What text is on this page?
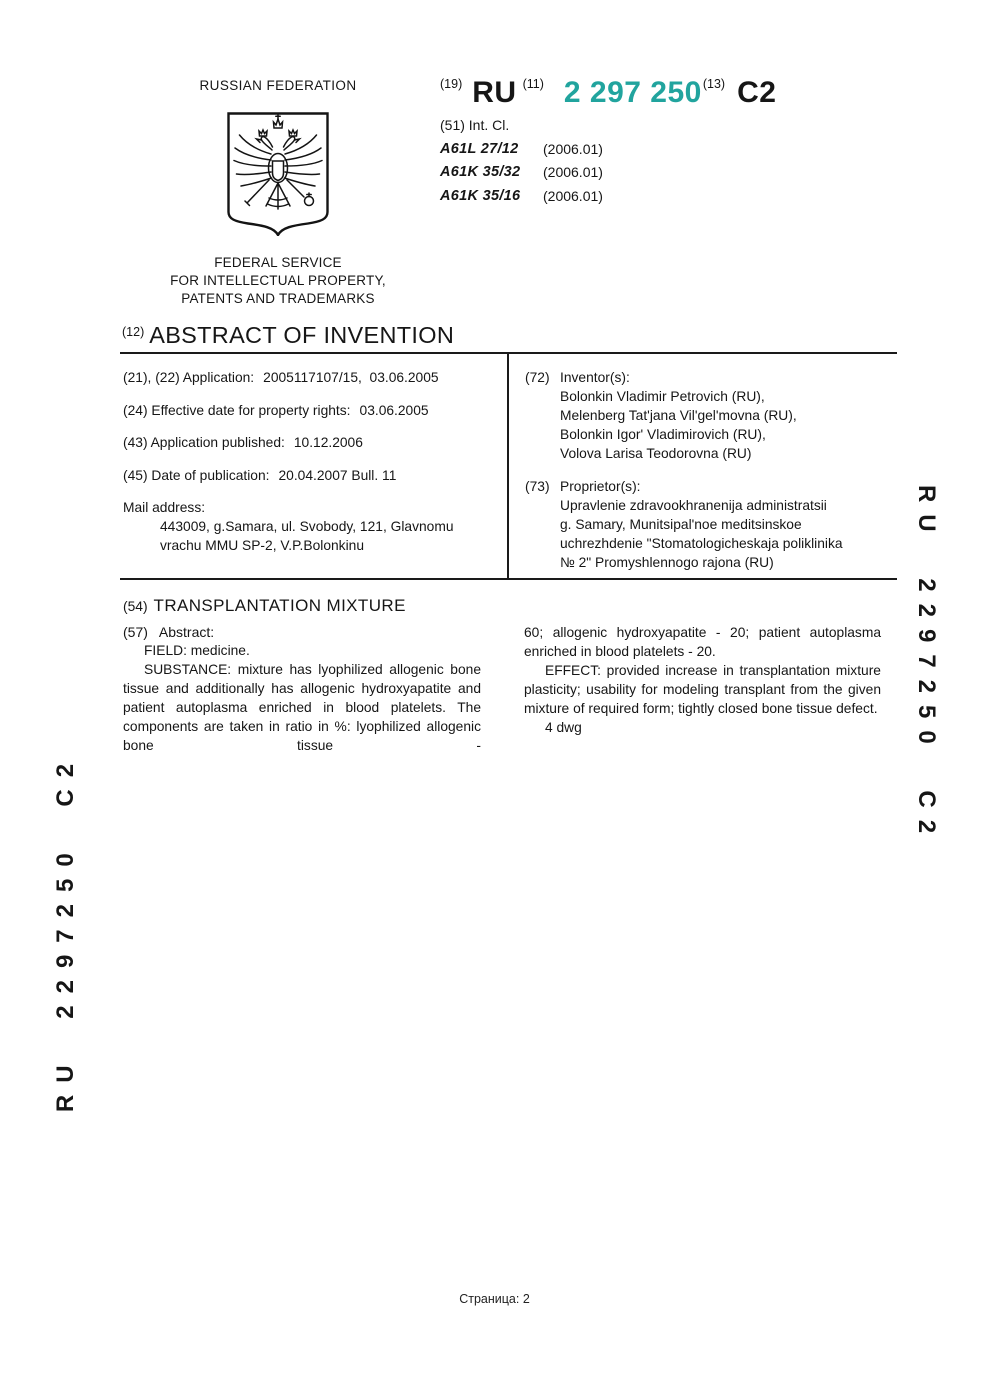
RUSSIAN FEDERATION
FEDERAL SERVICE
FOR INTELLECTUAL PROPERTY,
PATENTS AND TRADEMARKS
(19) RU (11) 2 297 250 (13) C2
(51) Int. Cl.
A61L 27/12	(2006.01)
A61K 35/32	(2006.01)
A61K 35/16	(2006.01)
(12) ABSTRACT OF INVENTION
(21), (22) Application: 2005117107/15,  03.06.2005
(24) Effective date for property rights: 03.06.2005
(43) Application published: 10.12.2006
(45) Date of publication: 20.04.2007 Bull. 11
Mail address:
443009, g.Samara, ul. Svobody, 121, Glavnomu
vrachu MMU SP-2, V.P.Bolonkinu
(72) Inventor(s):
Bolonkin Vladimir Petrovich (RU),
Melenberg Tat'jana Vil'gel'movna (RU),
Bolonkin Igor' Vladimirovich (RU),
Volova Larisa Teodorovna (RU)
(73) Proprietor(s):
Upravlenie zdravookhranenija administratsii
g. Samary, Munitsipal'noe meditsinskoe
uchrezhdenie "Stomatologicheskaja poliklinika
№ 2" Promyshlennogo rajona (RU)
(54) TRANSPLANTATION MIXTURE
(57) Abstract:

FIELD: medicine.

SUBSTANCE: mixture has lyophilized allogenic bone tissue and additionally has allogenic hydroxyapatite and patient autoplasma enriched in blood platelets. The components are taken in ratio in %: lyophilized allogenic bone tissue -

60; allogenic hydroxyapatite - 20; patient autoplasma enriched in blood platelets - 20.

EFFECT: provided increase in transplantation mixture plasticity; usability for modeling transplant from the given mixture of required form; tightly closed bone tissue defect.

4 dwg

RU 2297250 C2
RU 2297250 C2
Страница: 2
